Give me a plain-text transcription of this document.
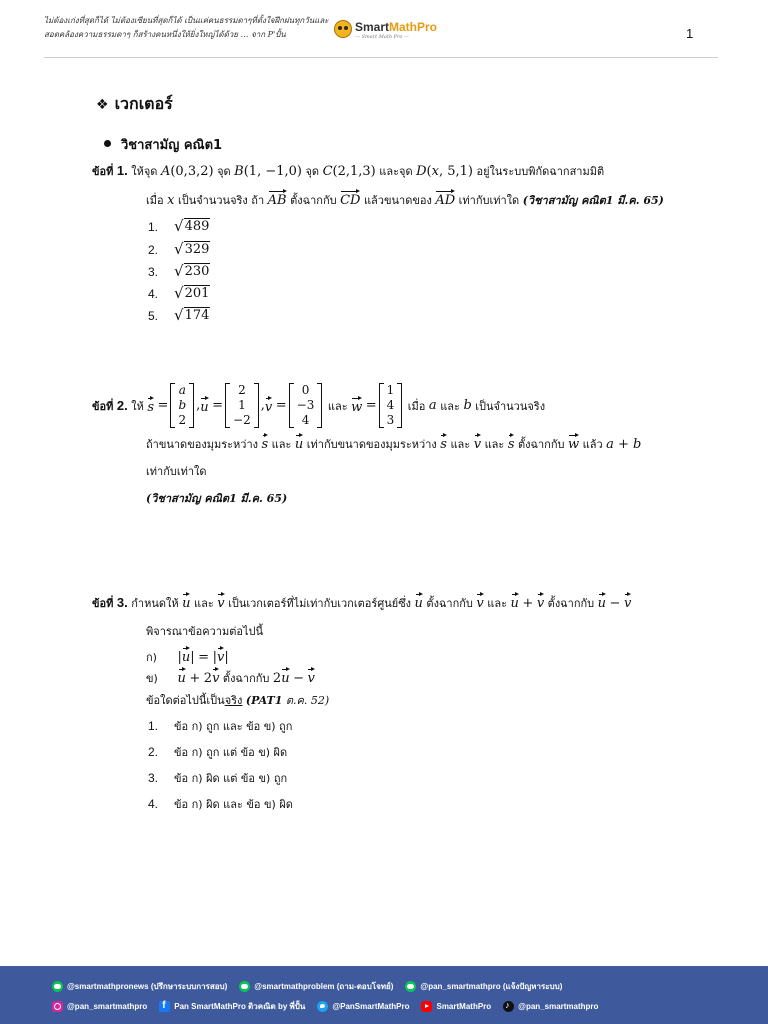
ไม่ต้องเก่งที่สุดก็ได้ ไม่ต้องเซียนที่สุดก็ได้ เป็นแค่คนธรรมดาๆที่ตั้งใจฝึกฝนทุกวันและ
สอดคล้องความธรรมดาๆ ก็สร้างคนหนึ่งให้ยิ่งใหญ่ได้ด้วย … จาก P'ปั้น
SmartMathPro
— Smart Math Pro —	1
❖ เวกเตอร์
วิชาสามัญ คณิต1
ข้อที่ 1. ให้จุด A(0,3,2) จุด B(1, −1,0) จุด C(2,1,3) และจุด D(x, 5,1) อยู่ในระบบพิกัดฉากสามมิติ
เมื่อ x เป็นจำนวนจริง ถ้า AB ตั้งฉากกับ CD แล้วขนาดของ AD เท่ากับเท่าใด (วิชาสามัญ คณิต1 มี.ค. 65)
1. √ 489
2. √ 329
3. √ 230
4. √ 201
5. √ 174
ข้อที่
2.
ให้
s
=
a
b
2
, u
=
2
1
−2
, v
=
0
−3
4

และ
w
=
1
4
3

เมื่อ
a
และ
b
เป็นจำนวนจริง
ถ้าขนาดของมุมระหว่าง s และ u เท่ากับขนาดของมุมระหว่าง s และ v และ s ตั้งฉากกับ w แล้ว a + b
เท่ากับเท่าใด
(วิชาสามัญ คณิต1 มี.ค. 65)
ข้อที่ 3. กำหนดให้ u และ v เป็นเวกเตอร์ที่ไม่เท่ากับเวกเตอร์ศูนย์ซึ่ง u ตั้งฉากกับ v และ u + v ตั้งฉากกับ u − v
พิจารณาข้อความต่อไปนี้
ก) |u| = |v|
ข) u + 2v ตั้งฉากกับ 2u − v
ข้อใดต่อไปนี้เป็นจริง (PAT1 ต.ค. 52)
1. ข้อ ก) ถูก และ ข้อ ข) ถูก
2. ข้อ ก) ถูก แต่ ข้อ ข) ผิด
3. ข้อ ก) ผิด แต่ ข้อ ข) ถูก
4. ข้อ ก) ผิด และ ข้อ ข) ผิด
@smartmathpronews (ปรึกษาระบบการสอบ)	@smartmathproblem (ถาม-ตอบโจทย์)	@pan_smartmathpro (แจ้งปัญหาระบบ)
@pan_smartmathpro f	Pan SmartMathPro ติวคณิต by พี่ปั้น	@PanSmartMathPro	SmartMathPro ♪	@pan_smartmathpro
